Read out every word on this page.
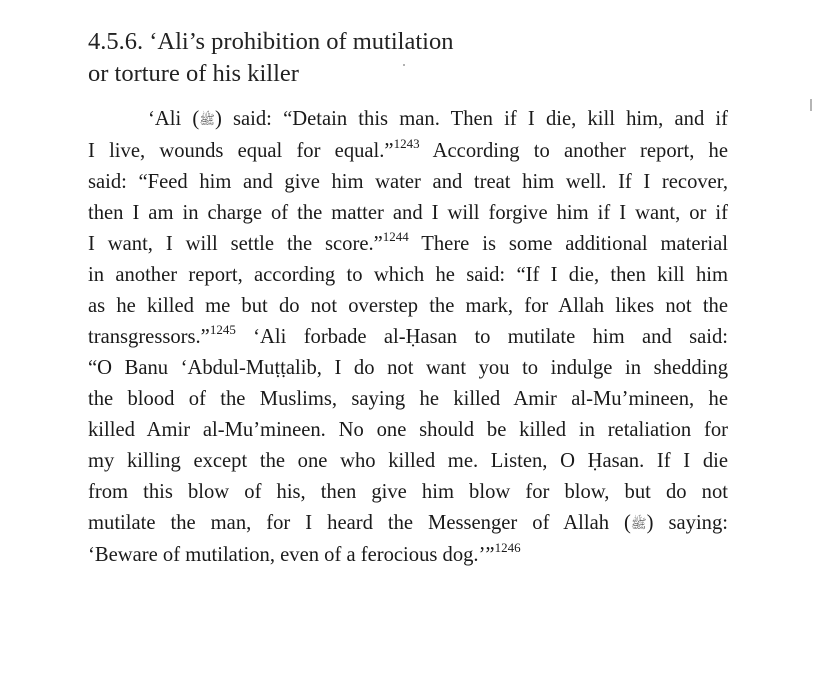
4.5.6. ‘Ali’s prohibition of mutilation
or torture of his killer
‘Ali (ﷺ) said: “Detain this man. Then if I die, kill him, and if
I live, wounds equal for equal.”$^{1243}$ According to another report, he
said: “Feed him and give him water and treat him well. If I recover,
then I am in charge of the matter and I will forgive him if I want, or if
I want, I will settle the score.”$^{1244}$ There is some additional material
in another report, according to which he said: “If I die, then kill him
as he killed me but do not overstep the mark, for Allah likes not the
transgressors.”$^{1245}$ ‘Ali forbade al-Ḥasan to mutilate him and said:
“O Banu ‘Abdul-Muṭṭalib, I do not want you to indulge in shedding
the blood of the Muslims, saying he killed Amir al-Mu’mineen, he
killed Amir al-Mu’mineen. No one should be killed in retaliation for
my killing except the one who killed me. Listen, O Ḥasan. If I die
from this blow of his, then give him blow for blow, but do not
mutilate the man, for I heard the Messenger of Allah (ﷺ) saying:
‘Beware of mutilation, even of a ferocious dog.’”$^{1246}$
